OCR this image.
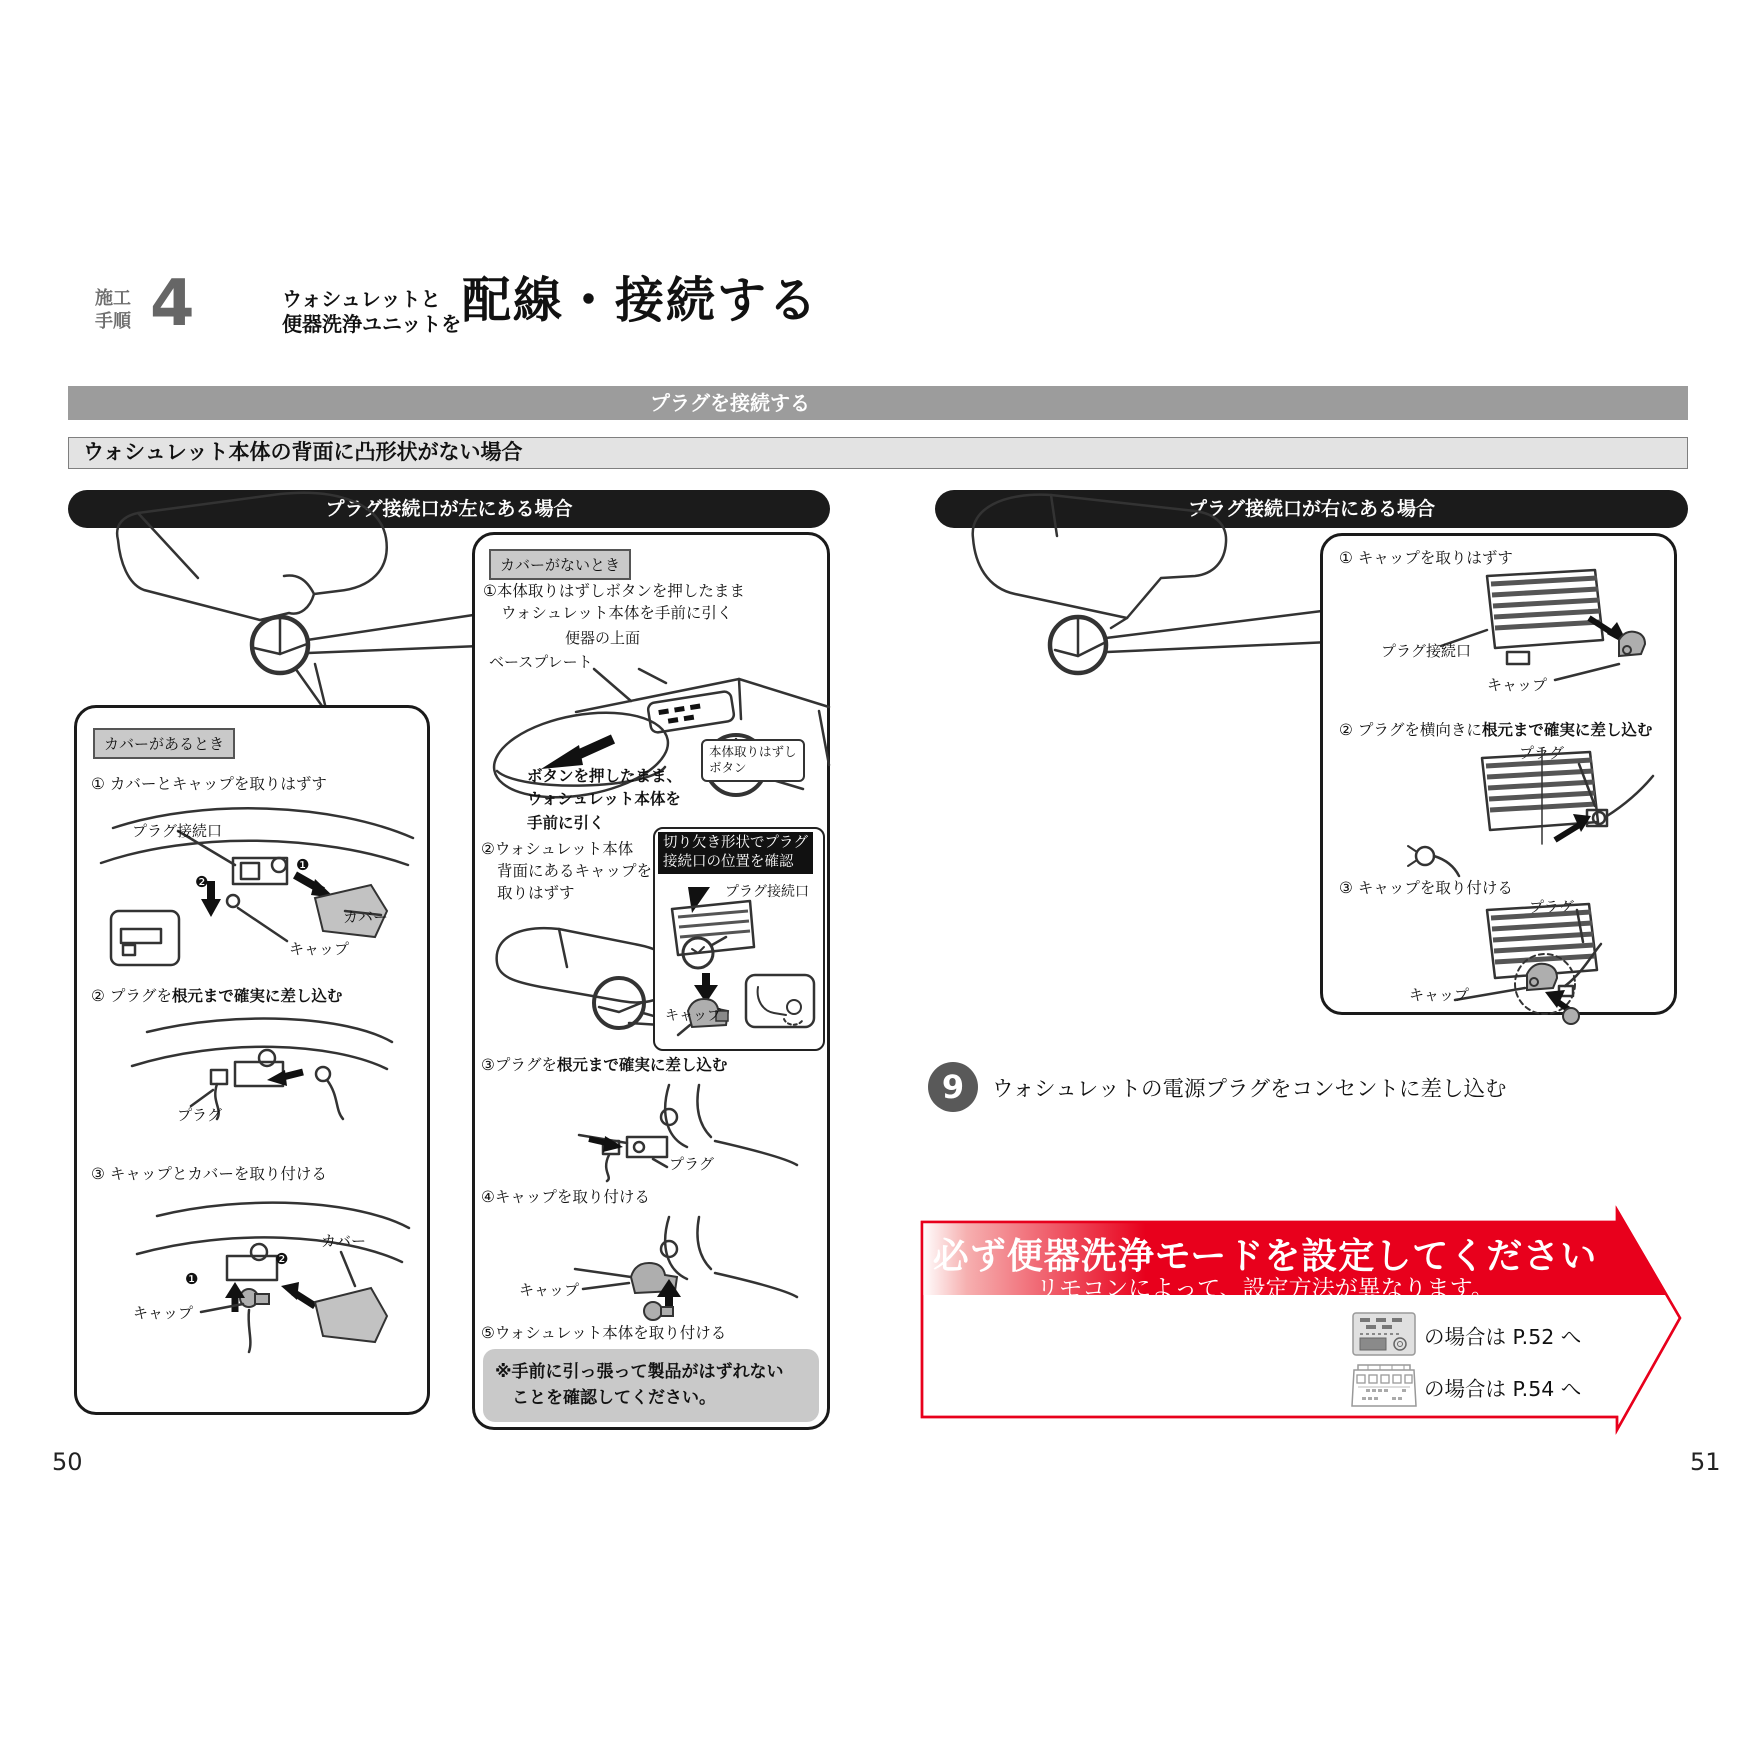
施工
手順 4	ウォシュレットと
便器洗浄ユニットを 配線・接続する
プラグを接続する
ウォシュレット本体の背面に凸形状がない場合
プラグ接続口が左にある場合	プラグ接続口が右にある場合
カバーがあるとき
① カバーとキャップを取りはずす
プラグ接続口
❶
❷
カバー
キャップ
② プラグを根元まで確実に差し込む
プラグ
③ キャップとカバーを取り付ける
カバー
❷
❶
キャップ
カバーがないとき
①本体取りはずしボタンを押したまま
ウォシュレット本体を手前に引く
便器の上面
ベースプレート
本体取りはずし
ボタン
ボタンを押したまま、
ウォシュレット本体を
手前に引く
②ウォシュレット本体
背面にあるキャップを
取りはずす
切り欠き形状でプラグ
接続口の位置を確認
プラグ接続口
キャップ
③プラグを根元まで確実に差し込む
プラグ
④キャップを取り付ける
キャップ
⑤ウォシュレット本体を取り付ける
※手前に引っ張って製品がはずれない
ことを確認してください。
① キャップを取りはずす
プラグ接続口
キャップ
② プラグを横向きに根元まで確実に差し込む
プラグ
③ キャップを取り付ける
プラグ
キャップ
9	ウォシュレットの電源プラグをコンセントに差し込む
必ず便器洗浄モードを設定してください
リモコンによって、設定方法が異なります。
の場合は P.52 へ
の場合は P.54 へ
50	51
